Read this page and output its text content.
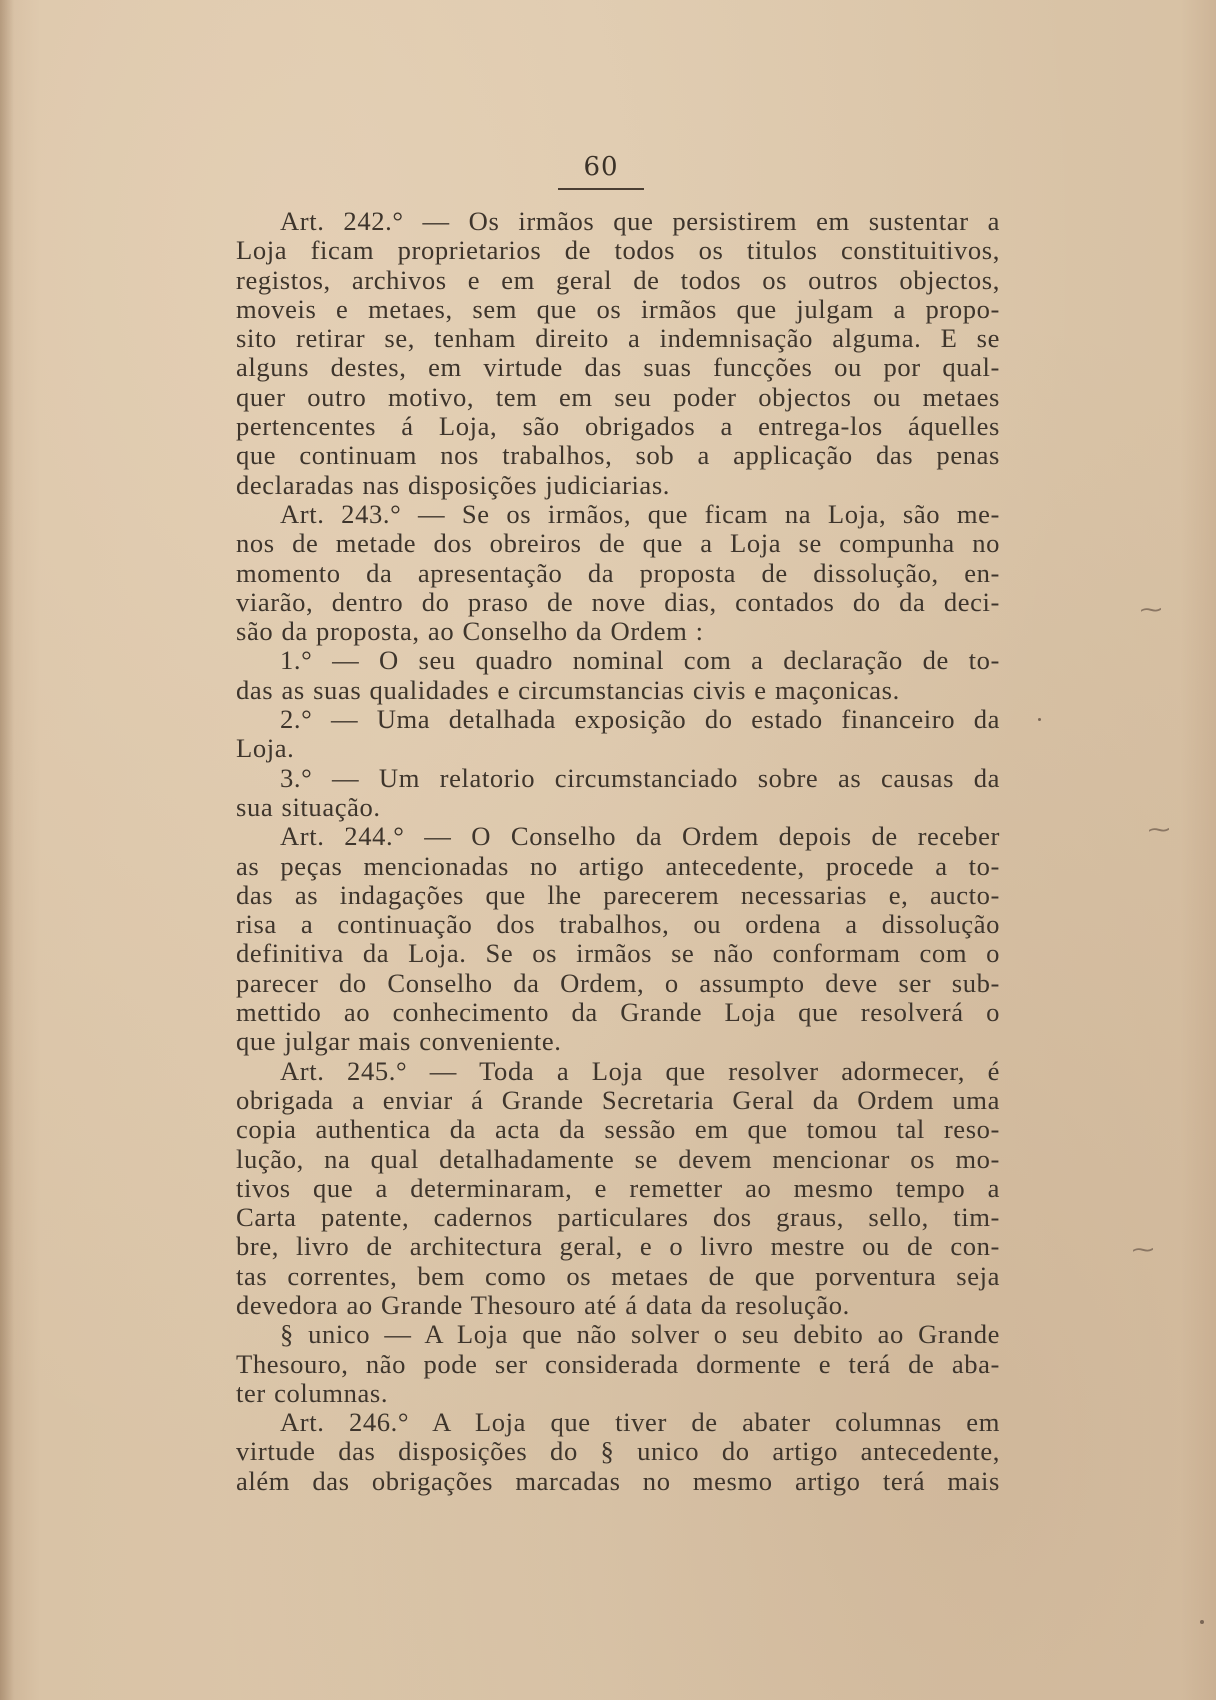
60
Art. 242.° — Os irmãos que persistirem em sustentar a
Loja ficam proprietarios de todos os titulos constituitivos,
registos, archivos e em geral de todos os outros objectos,
moveis e metaes, sem que os irmãos que julgam a propo-
sito retirar se, tenham direito a indemnisação alguma. E se
alguns destes, em virtude das suas funcções ou por qual-
quer outro motivo, tem em seu poder objectos ou metaes
pertencentes á Loja, são obrigados a entrega-los áquelles
que continuam nos trabalhos, sob a applicação das penas
declaradas nas disposições judiciarias.
Art. 243.° — Se os irmãos, que ficam na Loja, são me-
nos de metade dos obreiros de que a Loja se compunha no
momento da apresentação da proposta de dissolução, en-
viarão, dentro do praso de nove dias, contados do da deci-
são da proposta, ao Conselho da Ordem :
1.° — O seu quadro nominal com a declaração de to-
das as suas qualidades e circumstancias civis e maçonicas.
2.° — Uma detalhada exposição do estado financeiro da
Loja.
3.° — Um relatorio circumstanciado sobre as causas da
sua situação.
Art. 244.° — O Conselho da Ordem depois de receber
as peças mencionadas no artigo antecedente, procede a to-
das as indagações que lhe parecerem necessarias e, aucto-
risa a continuação dos trabalhos, ou ordena a dissolução
definitiva da Loja. Se os irmãos se não conformam com o
parecer do Conselho da Ordem, o assumpto deve ser sub-
mettido ao conhecimento da Grande Loja que resolverá o
que julgar mais conveniente.
Art. 245.° — Toda a Loja que resolver adormecer, é
obrigada a enviar á Grande Secretaria Geral da Ordem uma
copia authentica da acta da sessão em que tomou tal reso-
lução, na qual detalhadamente se devem mencionar os mo-
tivos que a determinaram, e remetter ao mesmo tempo a
Carta patente, cadernos particulares dos graus, sello, tim-
bre, livro de architectura geral, e o livro mestre ou de con-
tas correntes, bem como os metaes de que porventura seja
devedora ao Grande Thesouro até á data da resolução.
§ unico — A Loja que não solver o seu debito ao Grande
Thesouro, não pode ser considerada dormente e terá de aba-
ter columnas.
Art. 246.° A Loja que tiver de abater columnas em
virtude das disposições do § unico do artigo antecedente,
além das obrigações marcadas no mesmo artigo terá mais
⁓
⁓
⁓
